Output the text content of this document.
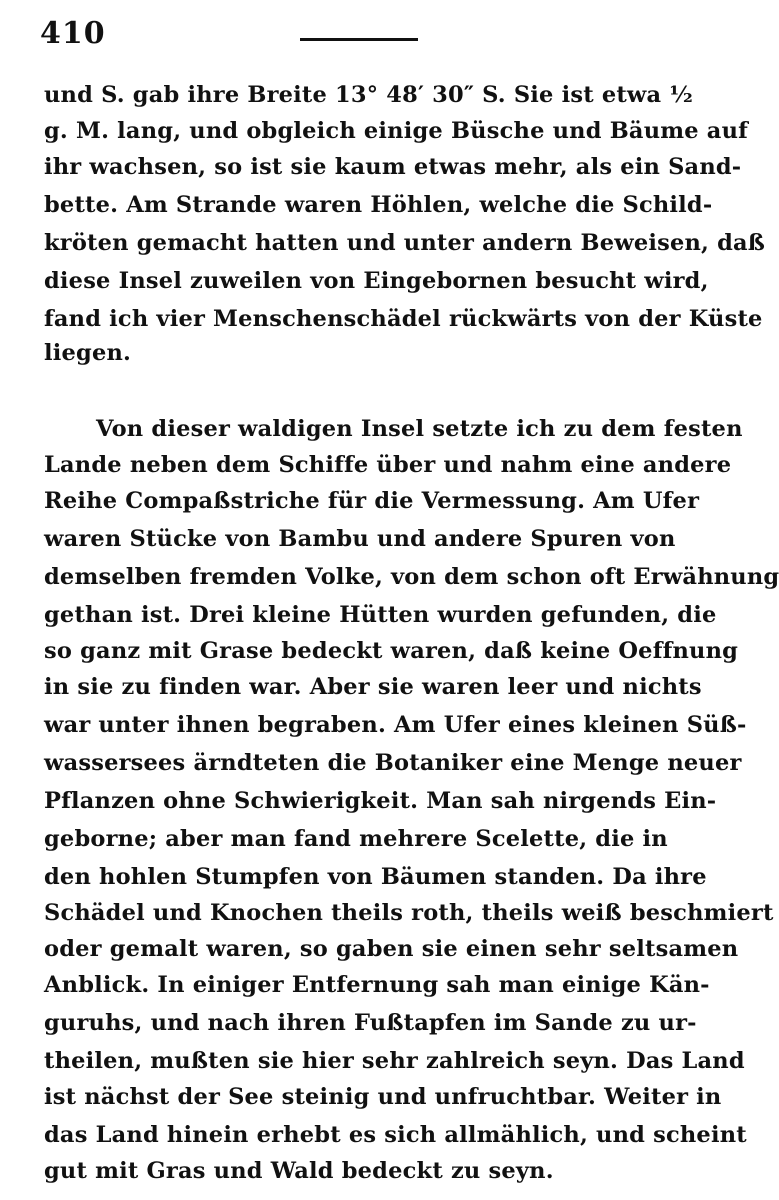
410
und S. gab ihre Breite 13° 48′ 30″ S. Sie ist etwa ½
g. M. lang, und obgleich einige Büsche und Bäume auf
ihr wachsen, so ist sie kaum etwas mehr, als ein Sand-
bette. Am Strande waren Höhlen, welche die Schild-
kröten gemacht hatten und unter andern Beweisen, daß
diese Insel zuweilen von Eingebornen besucht wird,
fand ich vier Menschenschädel rückwärts von der Küste
liegen.
Von dieser waldigen Insel setzte ich zu dem festen
Lande neben dem Schiffe über und nahm eine andere
Reihe Compaßstriche für die Vermessung. Am Ufer
waren Stücke von Bambu und andere Spuren von
demselben fremden Volke, von dem schon oft Erwähnung
gethan ist. Drei kleine Hütten wurden gefunden, die
so ganz mit Grase bedeckt waren, daß keine Oeffnung
in sie zu finden war. Aber sie waren leer und nichts
war unter ihnen begraben. Am Ufer eines kleinen Süß-
wassersees ärndteten die Botaniker eine Menge neuer
Pflanzen ohne Schwierigkeit. Man sah nirgends Ein-
geborne; aber man fand mehrere Scelette, die in
den hohlen Stumpfen von Bäumen standen. Da ihre
Schädel und Knochen theils roth, theils weiß beschmiert
oder gemalt waren, so gaben sie einen sehr seltsamen
Anblick. In einiger Entfernung sah man einige Kän-
guruhs, und nach ihren Fußtapfen im Sande zu ur-
theilen, mußten sie hier sehr zahlreich seyn. Das Land
ist nächst der See steinig und unfruchtbar. Weiter in
das Land hinein erhebt es sich allmählich, und scheint
gut mit Gras und Wald bedeckt zu seyn.
